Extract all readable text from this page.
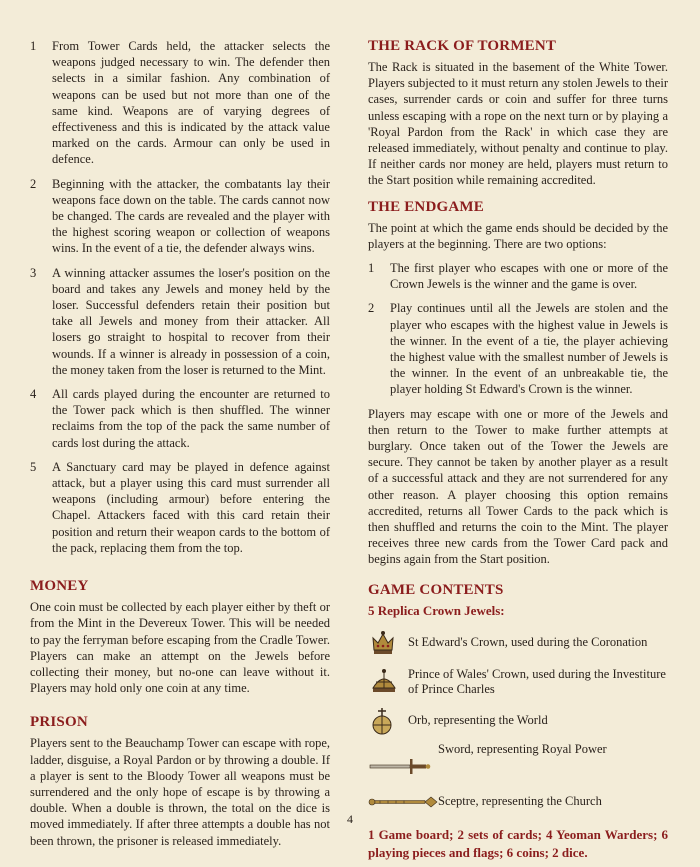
1	From Tower Cards held, the attacker selects the weapons judged necessary to win. The defender then selects in a similar fashion. Any combination of weapons can be used but not more than one of the same kind. Weapons are of varying degrees of effectiveness and this is indicated by the attack value marked on the cards. Armour can only be used in defence.
2	Beginning with the attacker, the combatants lay their weapons face down on the table. The cards cannot now be changed. The cards are revealed and the player with the highest scoring weapon or collection of weapons wins. In the event of a tie, the defender always wins.
3	A winning attacker assumes the loser's position on the board and takes any Jewels and money held by the loser. Successful defenders retain their position but take all Jewels and money from their attacker. All losers go straight to hospital to recover from their wounds. If a winner is already in possession of a coin, the money taken from the loser is returned to the Mint.
4	All cards played during the encounter are returned to the Tower pack which is then shuffled. The winner reclaims from the top of the pack the same number of cards lost during the attack.
5	A Sanctuary card may be played in defence against attack, but a player using this card must surrender all weapons (including armour) before entering the Chapel. Attackers faced with this card retain their position and return their weapon cards to the bottom of the pack, replacing them from the top.
MONEY

One coin must be collected by each player either by theft or from the Mint in the Devereux Tower. This will be needed to pay the ferryman before escaping from the Cradle Tower. Players can make an attempt on the Jewels before collecting their money, but no-one can leave without it. Players may hold only one coin at any time.

PRISON

Players sent to the Beauchamp Tower can escape with rope, ladder, disguise, a Royal Pardon or by throwing a double. If a player is sent to the Bloody Tower all weapons must be surrendered and the only hope of escape is by throwing a double. When a double is thrown, the total on the dice is moved immediately. If after three attempts a double has not been thrown, the prisoner is released immediately.

THE RACK OF TORMENT

The Rack is situated in the basement of the White Tower. Players subjected to it must return any stolen Jewels to their cases, surrender cards or coin and suffer for three turns unless escaping with a rope on the next turn or by playing a 'Royal Pardon from the Rack' in which case they are released immediately, without penalty and continue to play. If neither cards nor money are held, players must return to the Start position while remaining accredited.

THE ENDGAME

The point at which the game ends should be decided by the players at the beginning. There are two options:

1	The first player who escapes with one or more of the Crown Jewels is the winner and the game is over.
2	Play continues until all the Jewels are stolen and the player who escapes with the highest value in Jewels is the winner. In the event of a tie, the player achieving the highest value with the smallest number of Jewels is the winner. In the event of an unbreakable tie, the player holding St Edward's Crown is the winner.

Players may escape with one or more of the Jewels and then return to the Tower to make further attempts at burglary. Once taken out of the Tower the Jewels are secure. They cannot be taken by another player as a result of a successful attack and they are not surrendered for any other reason. A player choosing this option remains accredited, returns all Tower Cards to the pack which is then shuffled and returns the coin to the Mint. The player receives three new cards from the Tower Card pack and begins again from the Start position.

GAME CONTENTS
5 Replica Crown Jewels:
St Edward's Crown, used during the Coronation
Prince of Wales' Crown, used during the Investiture of Prince Charles
Orb, representing the World
Sword, representing Royal Power
Sceptre, representing the Church
1 Game board; 2 sets of cards; 4 Yeoman Warders; 6 playing pieces and flags; 6 coins; 2 dice.
4
